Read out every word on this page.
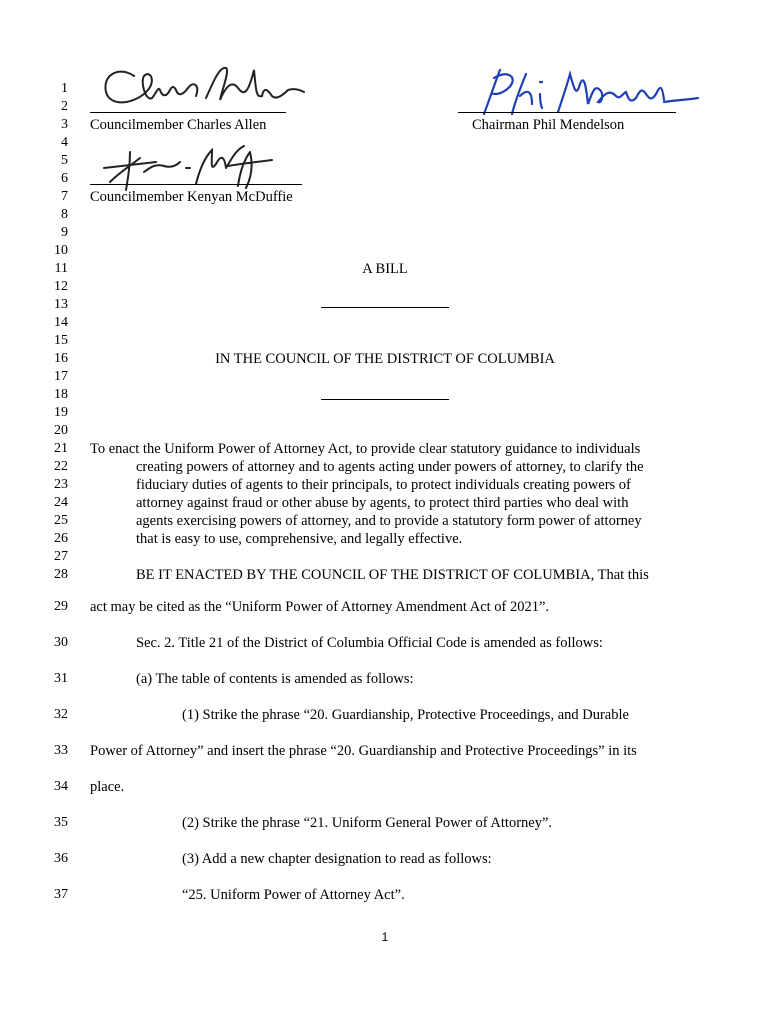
1
2
3
4
5
6
7
8
9
10
11
12
13
14
15
16
17
18
19
20
21
22
23
24
25
26
27
28
29
30
31
32
33
34
35
36
37
Councilmember Charles Allen	Chairman Phil Mendelson
Councilmember Kenyan McDuffie
A BILL
IN THE COUNCIL OF THE DISTRICT OF COLUMBIA
To enact the Uniform Power of Attorney Act, to provide clear statutory guidance to individuals
creating powers of attorney and to agents acting under powers of attorney, to clarify the
fiduciary duties of agents to their principals, to protect individuals creating powers of
attorney against fraud or other abuse by agents, to protect third parties who deal with
agents exercising powers of attorney, and to provide a statutory form power of attorney
that is easy to use, comprehensive, and legally effective.
BE IT ENACTED BY THE COUNCIL OF THE DISTRICT OF COLUMBIA, That this
act may be cited as the “Uniform Power of Attorney Amendment Act of 2021”.
Sec. 2. Title 21 of the District of Columbia Official Code is amended as follows:
(a) The table of contents is amended as follows:
(1) Strike the phrase “20. Guardianship, Protective Proceedings, and Durable
Power of Attorney” and insert the phrase “20. Guardianship and Protective Proceedings” in its
place.
(2) Strike the phrase “21. Uniform General Power of Attorney”.
(3) Add a new chapter designation to read as follows:
“25. Uniform Power of Attorney Act”.
1
